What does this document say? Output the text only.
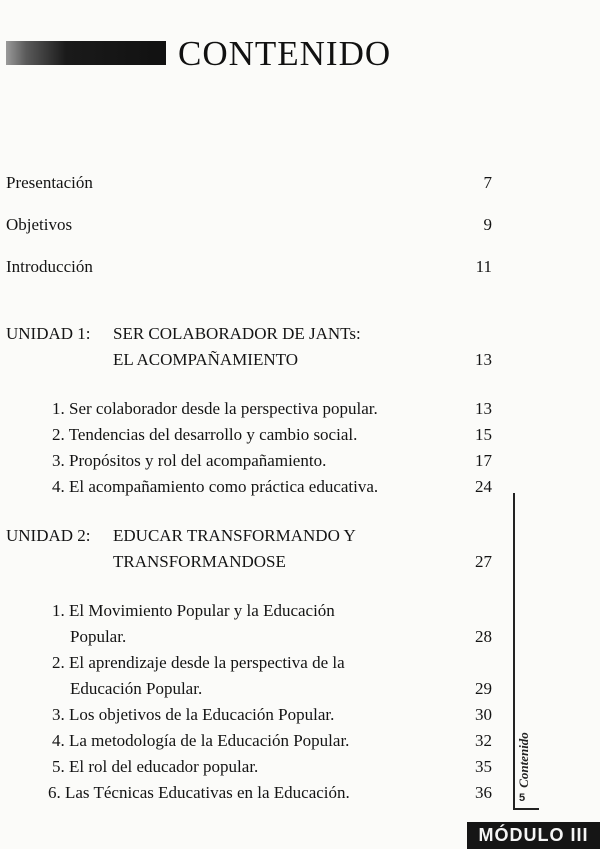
CONTENIDO
Presentación	7
Objetivos	9
Introducción	11
UNIDAD 1: SER COLABORADOR DE JANTs:
EL ACOMPAÑAMIENTO	13
1. Ser colaborador desde la perspectiva popular.	13
2. Tendencias del desarrollo y cambio social.	15
3. Propósitos y rol del acompañamiento.	17
4. El acompañamiento como práctica educativa.	24
UNIDAD 2: EDUCAR TRANSFORMANDO Y
TRANSFORMANDOSE	27
1. El Movimiento Popular y la Educación
Popular.	28
2. El aprendizaje desde la perspectiva de la
Educación Popular.	29
3. Los objetivos de la Educación Popular.	30
4. La metodología de la Educación Popular.	32
5. El rol del educador popular.	35
6. Las Técnicas Educativas en la Educación.	36
Contenido
5
MÓDULO III
